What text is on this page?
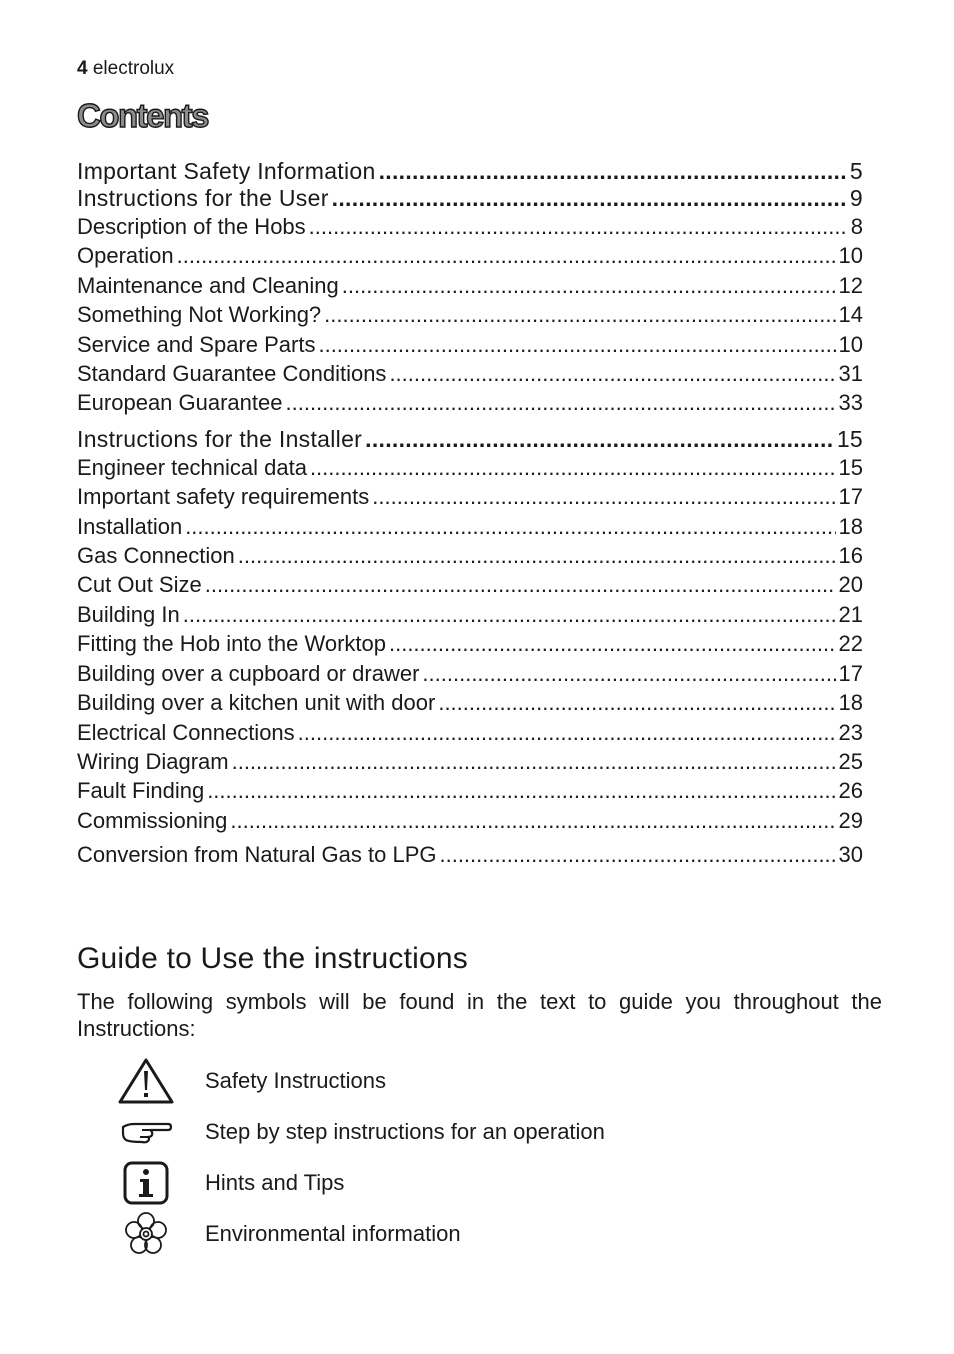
4 electrolux
Contents
Important Safety Information .....	5
Instructions for the User .....	9
Description of the Hobs .....	8
Operation .....	10
Maintenance and Cleaning .....	12
Something Not Working? .....	14
Service and Spare Parts .....	10
Standard Guarantee Conditions .....	31
European Guarantee .....	33
Instructions for the Installer .....	15
Engineer technical data .....	15
Important safety requirements .....	17
Installation .....	18
Gas Connection .....	16
Cut Out Size .....	20
Building In .....	21
Fitting the Hob into the Worktop .....	22
Building over a cupboard or drawer .....	17
Building over a kitchen unit with door .....	18
Electrical Connections .....	23
Wiring Diagram .....	25
Fault Finding .....	26
Commissioning .....	29
Conversion from Natural Gas to LPG .....	30
Guide to Use the instructions
The following symbols will be found in the text to guide you throughout the Instructions:
Safety Instructions
Step by step instructions for an operation
Hints and Tips
Environmental information
